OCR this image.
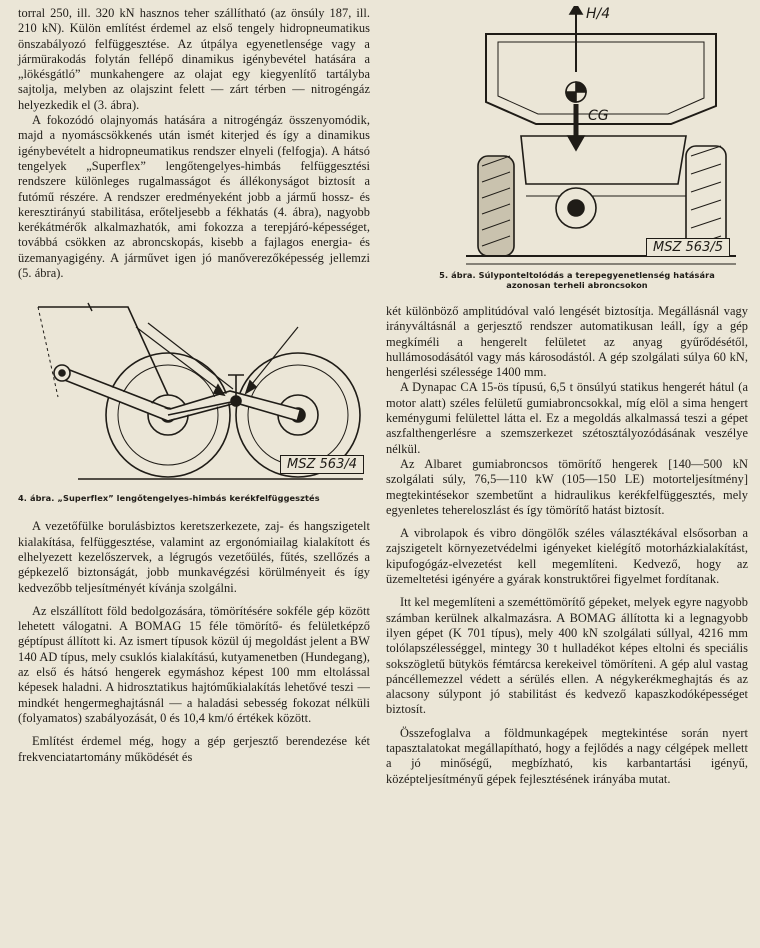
torral 250, ill. 320 kN hasznos teher szállítható (az önsúly 187, ill. 210 kN). Külön említést érdemel az első tengely hidropneumatikus önszabályozó felfüggesztése. Az útpálya egyenetlensége vagy a jármürakodás folytán fellépő dinamikus igénybevétel hatására a „lökésgátló” munkahengere az olajat egy kiegyenlítő tartályba sajtolja, melyben az olajszint felett — zárt térben — nitrogéngáz helyezkedik el (3. ábra).

A fokozódó olajnyomás hatására a nitrogéngáz összenyomódik, majd a nyomáscsökkenés után ismét kiterjed és így a dinamikus igénybevételt a hidropneumatikus rendszer elnyeli (felfogja). A hátsó tengelyek „Superflex” lengőtengelyes-himbás felfüggesztési rendszere különleges rugalmasságot és állékonyságot biztosít a futómű részére. A rendszer eredményeként jobb a jármű hossz- és keresztirányú stabilitása, erőteljesebb a fékhatás (4. ábra), nagyobb kerékátmérők alkalmazhatók, ami fokozza a terepjáró-képességet, továbbá csökken az abroncskopás, kisebb a fajlagos energia- és üzemanyagigény. A járművet igen jó manőverezőképesség jellemzi (5. ábra).

MSZ 563/4

4. ábra. „Superflex” lengőtengelyes-himbás kerékfelfüggesztés

A vezetőfülke borulásbiztos keretszerkezete, zaj- és hangszigetelt kialakítása, felfüggesztése, valamint az ergonómiailag kialakított és elhelyezett kezelőszervek, a légrugós vezetőülés, fűtés, szellőzés a gépkezelő biztonságát, jobb munkavégzési körülményeit és így kedvezőbb teljesítményét kívánja szolgálni.

Az elszállított föld bedolgozására, tömörítésére sokféle gép között lehetett válogatni. A BOMAG 15 féle tömörítő- és felületképző géptípust állított ki. Az ismert típusok közül új megoldást jelent a BW 140 AD típus, mely csuklós kialakítású, kutyamenetben (Hundegang), az első és hátsó hengerek egymáshoz képest 100 mm eltolással képesek haladni. A hidrosztatikus hajtóműkialakítás lehetővé teszi — mindkét hengermeghajtásnál — a haladási sebesség fokozat nélküli (folyamatos) szabályozását, 0 és 10,4 km/ó értékek között.

Említést érdemel még, hogy a gép gerjesztő berendezése két frekvenciatartomány működését és

H/4
CG
MSZ 563/5

5. ábra. Súlyponteltolódás a terepegyenetlenség hatására

azonosan terheli abroncsokon

két különböző amplitúdóval való lengését biztosítja. Megállásnál vagy irányváltásnál a gerjesztő rendszer automatikusan leáll, így a gép megkíméli a hengerelt felületet az anyag gyűrődésétől, hullámosodásától vagy más károsodástól. A gép szolgálati súlya 60 kN, hengerlési szélessége 1400 mm.

A Dynapac CA 15-ös típusú, 6,5 t önsúlyú statikus hengerét hátul (a motor alatt) széles felületű gumiabroncsokkal, míg elöl a sima hengert keménygumi felülettel látta el. Ez a megoldás alkalmassá teszi a gépet aszfalthengerlésre a szemszerkezet szétosztályozódásának veszélye nélkül.

Az Albaret gumiabroncsos tömörítő hengerek [140—500 kN szolgálati súly, 76,5—110 kW (105—150 LE) motorteljesítmény] megtekintésekor szembetűnt a hidraulikus kerékfelfüggesztés, mely egyenletes tehereloszlást és így tömörítő hatást biztosít.

A vibrolapok és vibro döngölők széles választékával elsősorban a zajszigetelt környezetvédelmi igényeket kielégítő motorházkialakítást, kipufogógáz-elvezetést kell megemlíteni. Kedvező, hogy az üzemeltetési igényére a gyárak konstruktőrei figyelmet fordítanak.

Itt kel megemlíteni a szeméttömörítő gépeket, melyek egyre nagyobb számban kerülnek alkalmazásra. A BOMAG állította ki a legnagyobb ilyen gépet (K 701 típus), mely 400 kN szolgálati súllyal, 4216 mm tolólapszélességgel, mintegy 30 t hulladékot képes eltolni és speciális sokszögletű bütykös fémtárcsa kerekeivel tömöríteni. A gép alul vastag páncéllemezzel védett a sérülés ellen. A négykerékmeghajtás és az alacsony súlypont jó stabilitást és kedvező kapaszkodóképességet biztosít.

Összefoglalva a földmunkagépek megtekintése során nyert tapasztalatokat megállapítható, hogy a fejlődés a nagy célgépek mellett a jó minőségű, megbízható, kis karbantartási igényű, középteljesítményű gépek fejlesztésének irányába mutat.
